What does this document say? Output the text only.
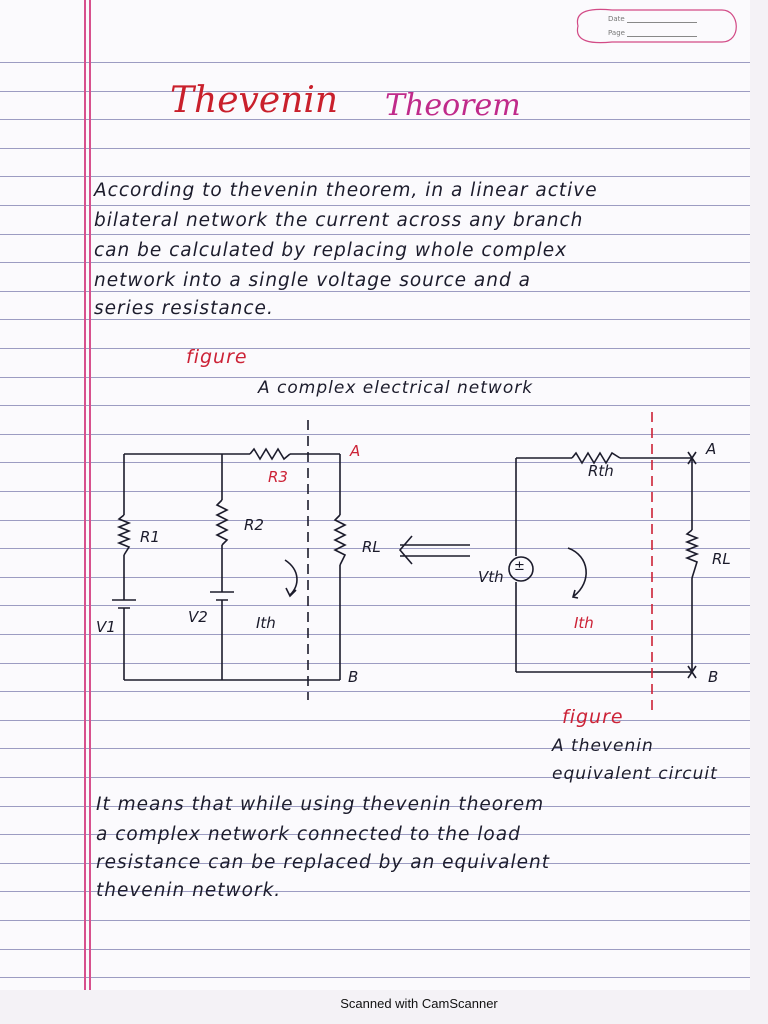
Date
Page
Thevenin Theorem
According to thevenin theorem, in a linear active
bilateral network the current across any branch
can be calculated by replacing whole complex
network into a single voltage source and a
series resistance.
figure
A complex electrical network
R1
R2
R3
RL
V1
V2	Ith
A
B
Rth
Vth
±	RL
Ith
A
B
figure
A thevenin
equivalent circuit
It means that while using thevenin theorem
a complex network connected to the load
resistance can be replaced by an equivalent
thevenin network.
Scanned with CamScanner
